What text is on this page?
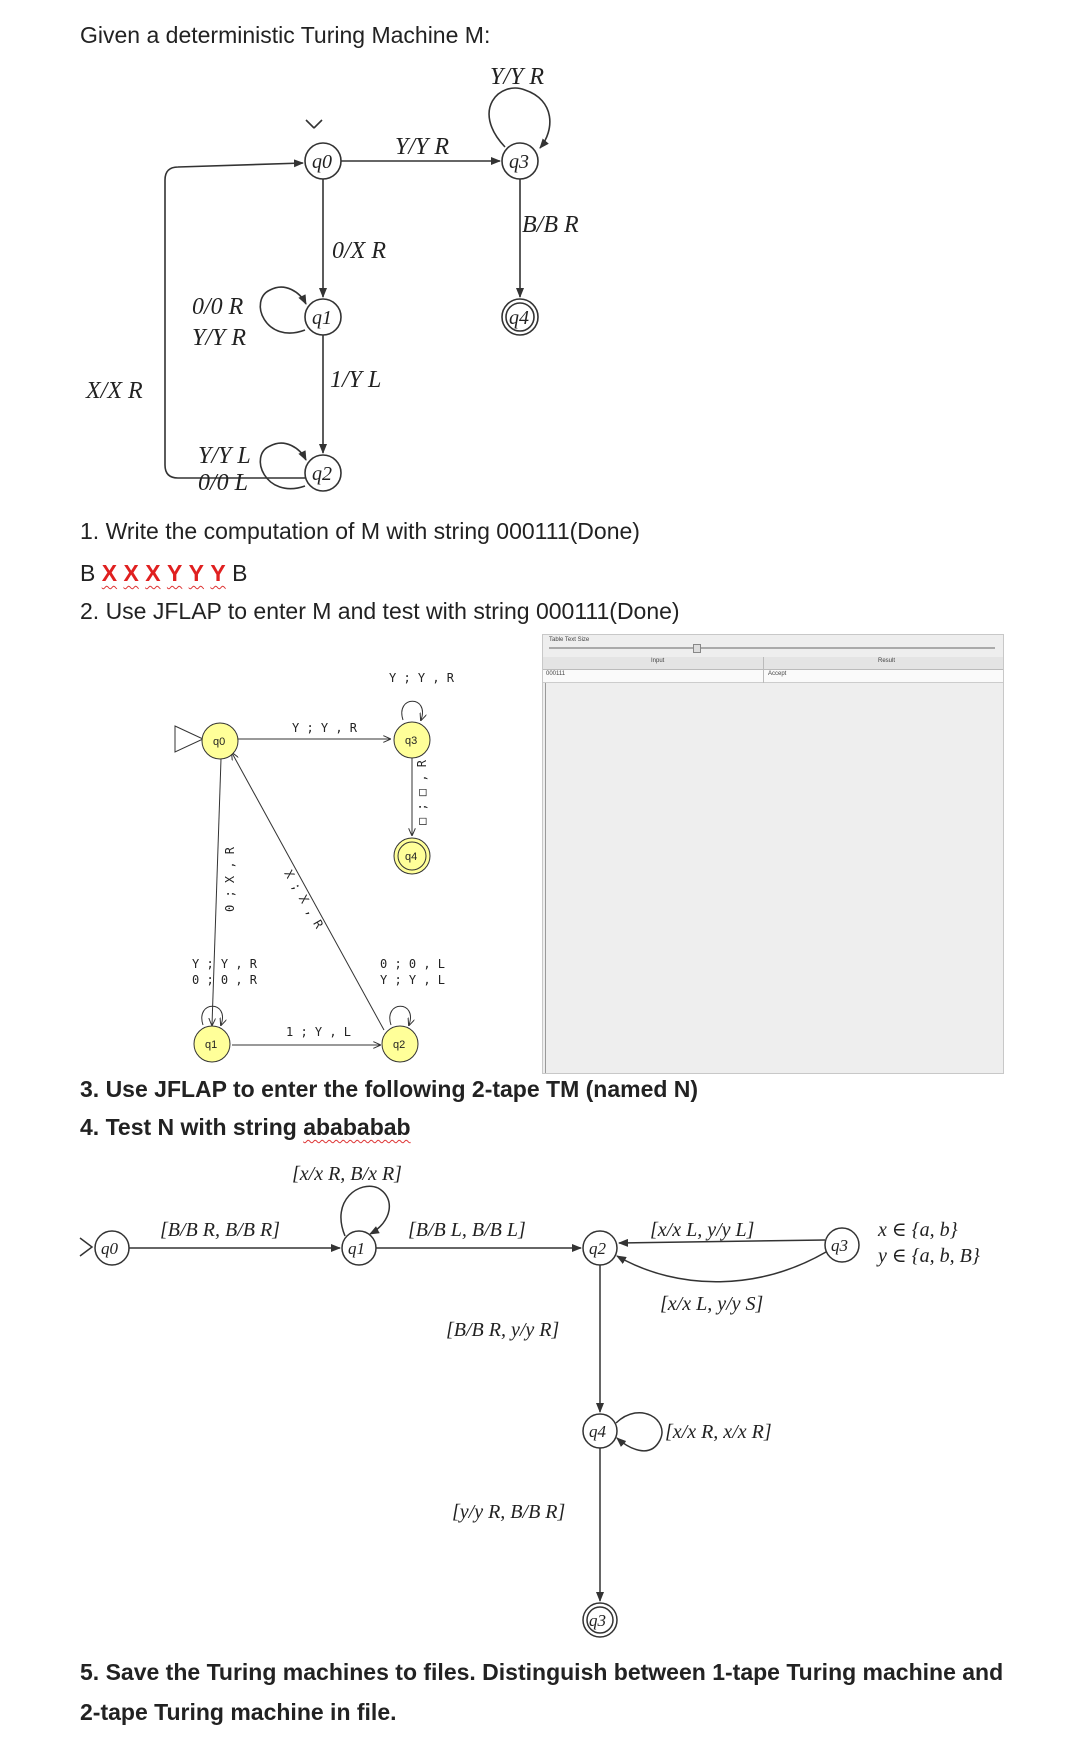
Given a deterministic Turing Machine M:
1. Write the computation of M with string 000111(Done)
B X X X Y Y Y B
2. Use JFLAP to enter M and test with string 000111(Done)
3. Use JFLAP to enter the following 2-tape TM (named N)
4. Test N with string abababab
5. Save the Turing machines to files. Distinguish between 1-tape Turing machine and 2-tape Turing machine in file.
Table Text Size
Input	Result
000111	Accept
q0
q1
q2
q3
q4
Y/Y R
Y/Y R
B/B R
0/X R
0/0 R
Y/Y R
1/Y L
X/X R
Y/Y L
0/0 L
q0
q1	q2
q3
q4
Y ; Y , R
Y ; Y , R
□ ; □ , R
0 ; X , R	X ; X , R
Y ; Y , R
0 ; 0 , R
0 ; 0 , L
Y ; Y , L
1 ; Y , L
q0	q1	q2	q3
q4
q3
[x/x R, B/x R]
[B/B R, B/B R]	[B/B L, B/B L]	[x/x L, y/y L]
[x/x L, y/y S]
[B/B R, y/y R]
[x/x R, x/x R]
[y/y R, B/B R]
x ∈ {a, b}
y ∈ {a, b, B}
